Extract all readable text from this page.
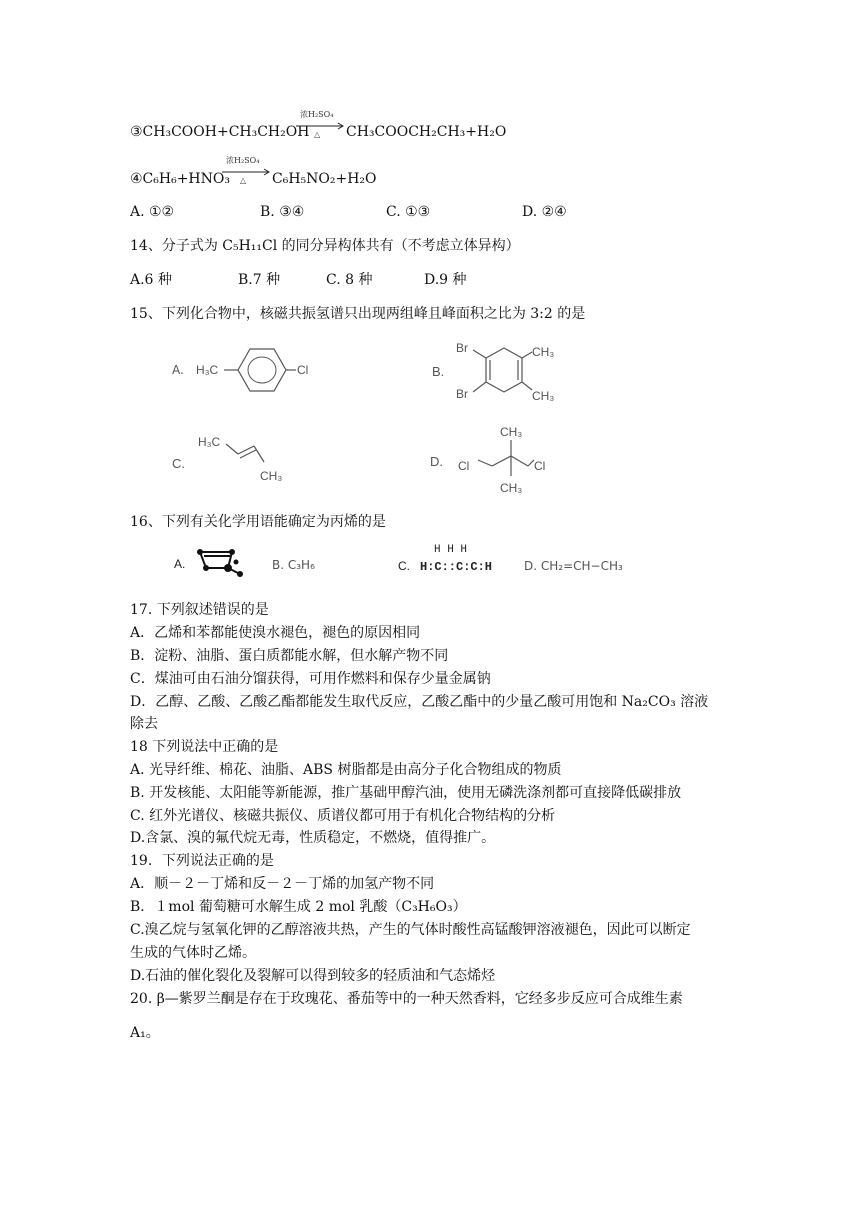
③CH₃COOH+CH₃CH₂OH
浓H₂SO₄
△ CH₃COOCH₂CH₃+H₂O
④C₆H₆+HNO₃
浓H₂SO₄
△ C₆H₅NO₂+H₂O
A. ①②	B. ③④	C. ①③	D. ②④
14、分子式为 C₅H₁₁Cl 的同分异构体共有（不考虑立体异构）
A.6 种	B.7 种	C. 8 种	D.9 种
15、下列化合物中，核磁共振氢谱只出现两组峰且峰面积之比为 3:2 的是
A. H₃C	Cl	B.
Br
Br
CH₃
CH₃
C.
H₃C
CH₃
D.
CH₃
Cl	Cl
CH₃
16、下列有关化学用语能确定为丙烯的是
A.	B. C₃H₆	C.
H H H
H:C::C:C:H	D. CH₂=CH−CH₃
17. 下列叙述错误的是
A．乙烯和苯都能使溴水褪色，褪色的原因相同
B．淀粉、油脂、蛋白质都能水解，但水解产物不同
C．煤油可由石油分馏获得，可用作燃料和保存少量金属钠
D．乙醇、乙酸、乙酸乙酯都能发生取代反应，乙酸乙酯中的少量乙酸可用饱和 Na₂CO₃ 溶液
除去
18 下列说法中正确的是
A. 光导纤维、棉花、油脂、ABS 树脂都是由高分子化合物组成的物质
B. 开发核能、太阳能等新能源，推广基础甲醇汽油，使用无磷洗涤剂都可直接降低碳排放
C. 红外光谱仪、核磁共振仪、质谱仪都可用于有机化合物结构的分析
D.含氯、溴的氟代烷无毒，性质稳定，不燃烧，值得推广。
19．下列说法正确的是
A．顺－２－丁烯和反－２－丁烯的加氢产物不同
B．１mol 葡萄糖可水解生成 2 mol 乳酸（C₃H₆O₃）
C.溴乙烷与氢氧化钾的乙醇溶液共热，产生的气体时酸性高锰酸钾溶液褪色，因此可以断定
生成的气体时乙烯。
D.石油的催化裂化及裂解可以得到较多的轻质油和气态烯烃
20. β—紫罗兰酮是存在于玫瑰花、番茄等中的一种天然香料，它经多步反应可合成维生素
A₁。
